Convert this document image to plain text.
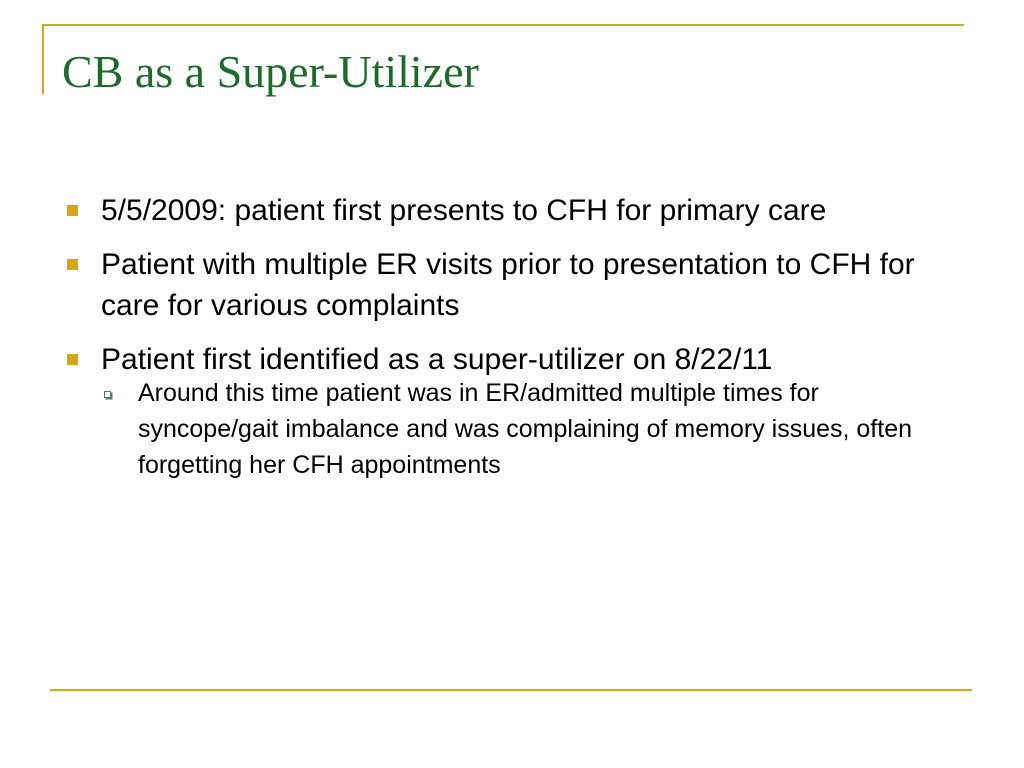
CB as a Super-Utilizer
5/5/2009: patient first presents to CFH for primary care
Patient with multiple ER visits prior to presentation to CFH for care for various complaints
Patient first identified as a super-utilizer on 8/22/11
Around this time patient was in ER/admitted multiple times for syncope/gait imbalance and was complaining of memory issues, often forgetting her CFH appointments
